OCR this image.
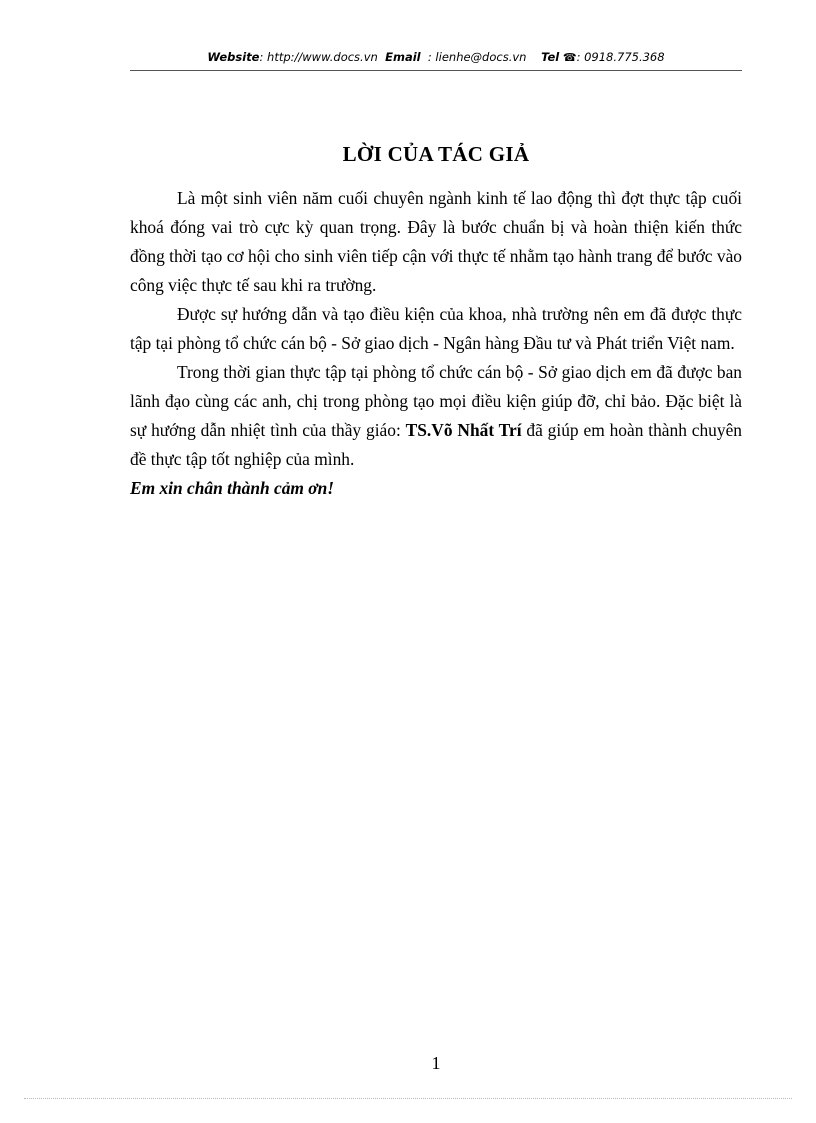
Website: http://www.docs.vn Email : lienhe@docs.vn Tel ☎: 0918.775.368
LỜI CỦA TÁC GIẢ

Là một sinh viên năm cuối chuyên ngành kinh tế lao động thì đợt thực tập cuối khoá đóng vai trò cực kỳ quan trọng. Đây là bước chuẩn bị và hoàn thiện kiến thức đồng thời tạo cơ hội cho sinh viên tiếp cận với thực tế nhằm tạo hành trang để bước vào công việc thực tế sau khi ra trường.

Được sự hướng dẫn và tạo điều kiện của khoa, nhà trường nên em đã được thực tập tại phòng tổ chức cán bộ - Sở giao dịch - Ngân hàng Đầu tư và Phát triển Việt nam.

Trong thời gian thực tập tại phòng tổ chức cán bộ - Sở giao dịch em đã được ban lãnh đạo cùng các anh, chị trong phòng tạo mọi điều kiện giúp đỡ, chỉ bảo. Đặc biệt là sự hướng dẫn nhiệt tình của thầy giáo: TS.Võ Nhất Trí đã giúp em hoàn thành chuyên đề thực tập tốt nghiệp của mình.

Em xin chân thành cảm ơn!

1
